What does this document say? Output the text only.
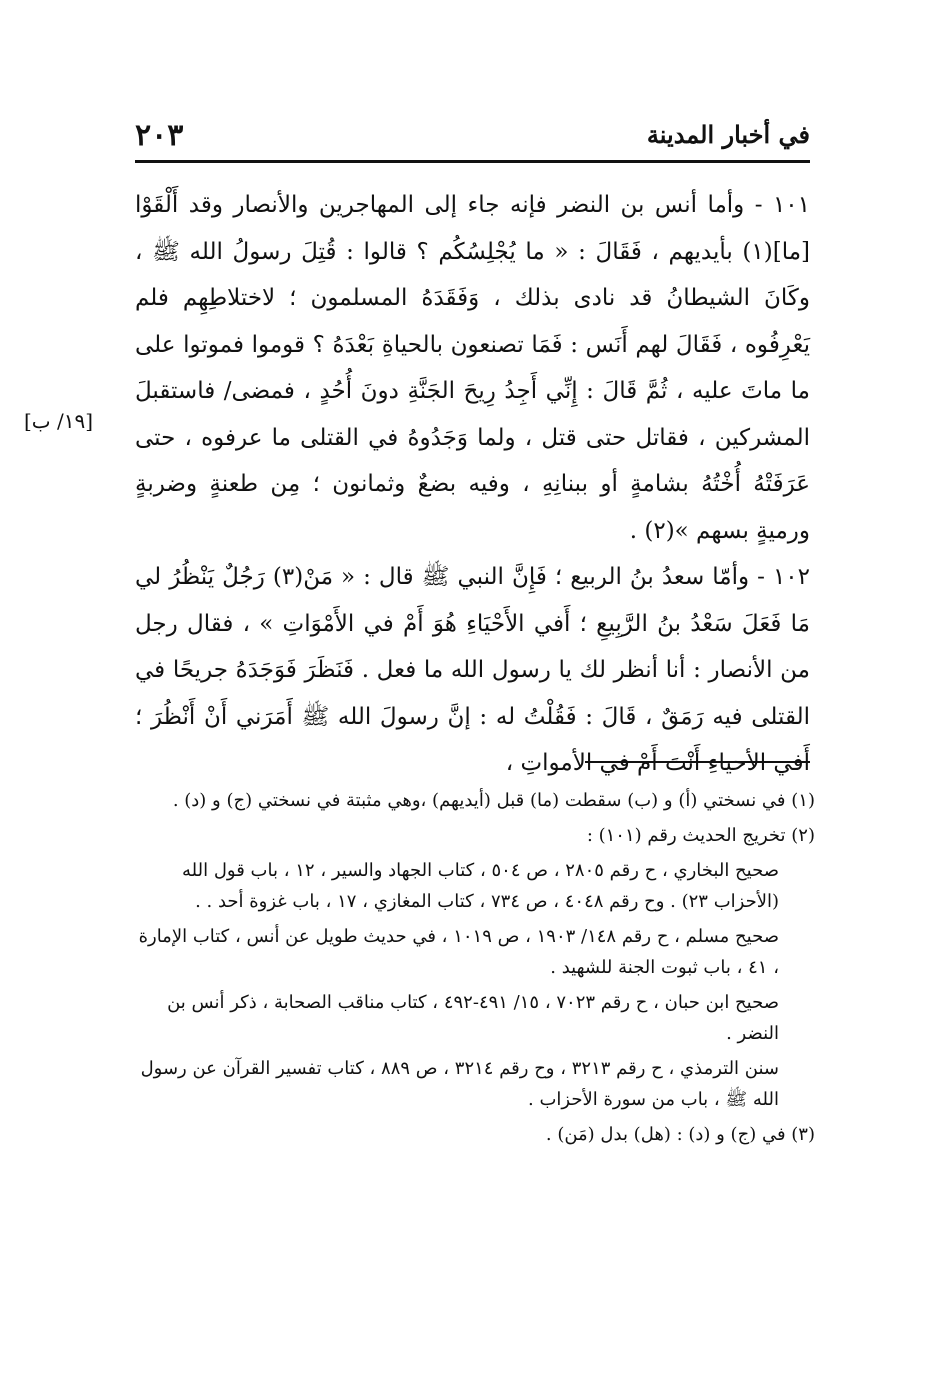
في أخبار المدينة
٢٠٣

١٠١ - وأما أنس بن النضر فإنه جاء إلى المهاجرين والأنصار وقد أَلْقَوْا [ما](١) بأيديهم ، فَقَالَ : « ما يُجْلِسُكُم ؟ قالوا : قُتِلَ رسولُ الله ﷺ ، وكَانَ الشيطانُ قد نادى بذلك ، وَفَقَدَهُ المسلمون ؛ لاختلاطِهِم فلم يَعْرِفُوه ، فَقَالَ لهم أَنَس : فَمَا تصنعون بالحياةِ بَعْدَهُ ؟ قوموا فموتوا على ما ماتَ عليه ، ثُمَّ قَالَ : إِنِّي أَجِدُ رِيحَ الجَنَّةِ دونَ أُحُدٍ ، فمضى/ فاستقبلَ المشركين ، فقاتل حتى قتل ، ولما وَجَدُوهُ في القتلى ما عرفوه ، حتى عَرَفَتْهُ أُخْتُهُ بشامةٍ أو ببنانِهِ ، وفيه بضعٌ وثمانون ؛ مِن طعنةٍ وضربةٍ ورميةٍ بسهم »(٢) .

١٠٢ - وأمّا سعدُ بنُ الربيع ؛ فَإِنَّ النبي ﷺ قال : « مَنْ(٣) رَجُلٌ يَنْظُرُ لي مَا فَعَلَ سَعْدُ بنُ الرَّبِيعِ ؛ أَفي الأَحْيَاءِ هُوَ أَمْ في الأَمْوَاتِ » ، فقال رجل من الأنصار : أنا أنظر لك يا رسول الله ما فعل . فَنَظَرَ فَوَجَدَهُ جريحًا في القتلى فيه رَمَقٌ ، قَالَ : فَقُلْتُ له : إنَّ رسولَ الله ﷺ أَمَرَني أَنْ أَنْظُرَ ؛ أَفي الأحياءِ أَنْتَ أَمْ في الأمواتِ ،

[١٩/ ب]

(١) في نسختي (أ) و (ب) سقطت (ما) قبل (أيديهم) ،وهي مثبتة في نسختي (ج) و (د) .

(٢) تخريج الحديث رقم (١٠١) :

صحيح البخاري ، ح رقم ٢٨٠٥ ، ص ٥٠٤ ، كتاب الجهاد والسير ، ١٢ ، باب قول الله (الأحزاب ٢٣) . وح رقم ٤٠٤٨ ، ص ٧٣٤ ، كتاب المغازي ، ١٧ ، باب غزوة أحد . .

صحيح مسلم ، ح رقم ١٤٨/ ١٩٠٣ ، ص ١٠١٩ ، في حديث طويل عن أنس ، كتاب الإمارة ، ٤١ ، باب ثبوت الجنة للشهيد .

صحيح ابن حبان ، ح رقم ٧٠٢٣ ، ١٥/ ٤٩١-٤٩٢ ، كتاب مناقب الصحابة ، ذكر أنس بن النضر .

سنن الترمذي ، ح رقم ٣٢١٣ ، وح رقم ٣٢١٤ ، ص ٨٨٩ ، كتاب تفسير القرآن عن رسول الله ﷺ ، باب من سورة الأحزاب .

(٣) في (ج) و (د) : (هل) بدل (مَن) .
